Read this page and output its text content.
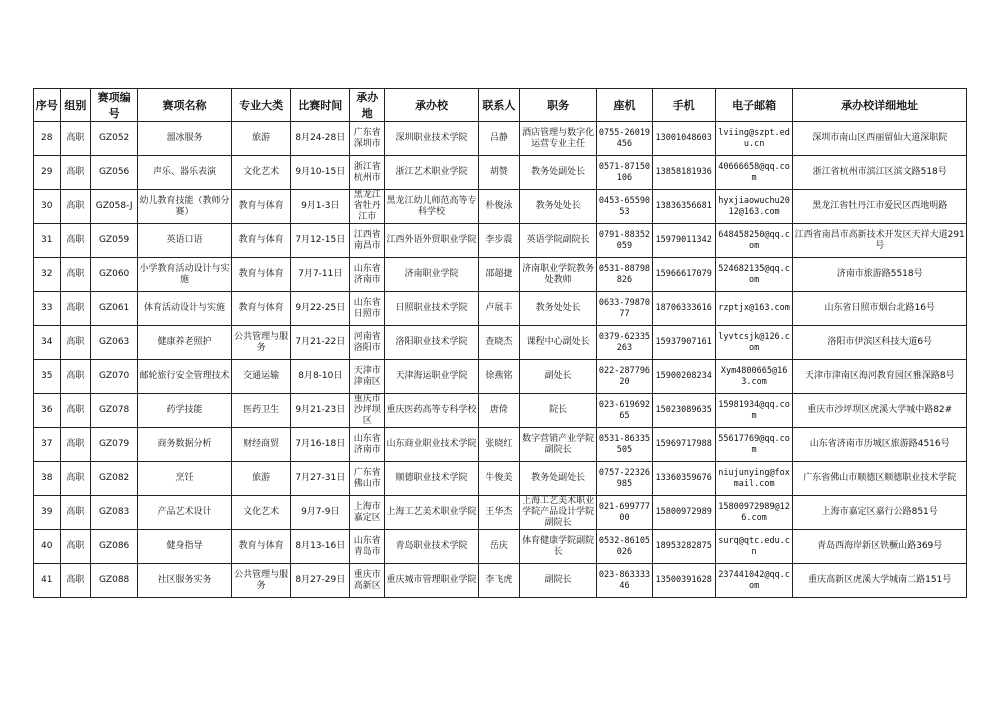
序号	组别	赛项编号	赛项名称	专业大类	比赛时间	承办地	承办校	联系人	职务	座机	手机	电子邮箱	承办校详细地址
28	高职	GZ052	溜冰服务	旅游	8月24-28日	广东省深圳市	深圳职业技术学院	吕静	酒店管理与数字化运营专业主任	0755-26019456	13001048603	lviing@szpt.edu.cn	深圳市南山区西丽留仙大道深职院
29	高职	GZ056	声乐、器乐表演	文化艺术	9月10-15日	浙江省杭州市	浙江艺术职业学院	胡赞	教务处副处长	0571-87150106	13858181936	40666658@qq.com	浙江省杭州市滨江区滨文路518号
30	高职	GZ058-J	幼儿教育技能（教师分赛）	教育与体育	9月1-3日	黑龙江省牡丹江市	黑龙江幼儿师范高等专科学校	朴俊泳	教务处处长	0453-6559053	13836356681	hyxjiaowuchu2012@163.com	黑龙江省牡丹江市爱民区西地明路
31	高职	GZ059	英语口语	教育与体育	7月12-15日	江西省南昌市	江西外语外贸职业学院	李步震	英语学院副院长	0791-88352059	15979011342	648458250@qq.com	江西省南昌市高新技术开发区天祥大道291号
32	高职	GZ060	小学教育活动设计与实施	教育与体育	7月7-11日	山东省济南市	济南职业学院	邵超捷	济南职业学院教务处教师	0531-88798826	15966617079	524682135@qq.com	济南市旅游路5518号
33	高职	GZ061	体育活动设计与实施	教育与体育	9月22-25日	山东省日照市	日照职业技术学院	卢展丰	教务处处长	0633-7987077	18706333616	rzptjx@163.com	山东省日照市烟台北路16号
34	高职	GZ063	健康养老照护	公共管理与服务	7月21-22日	河南省洛阳市	洛阳职业技术学院	查晓杰	课程中心副处长	0379-62335263	15937907161	lyvtcsjk@126.com	洛阳市伊滨区科技大道6号
35	高职	GZ070	邮轮旅行安全管理技术	交通运输	8月8-10日	天津市津南区	天津海运职业学院	徐燕铭	副处长	022-28779620	15900208234	Xym4800665@163.com	天津市津南区海河教育园区雅深路8号
36	高职	GZ078	药学技能	医药卫生	9月21-23日	重庆市沙坪坝区	重庆医药高等专科学校	唐倚	院长	023-61969265	15023089635	15981934@qq.com	重庆市沙坪坝区虎溪大学城中路82#
37	高职	GZ079	商务数据分析	财经商贸	7月16-18日	山东省济南市	山东商业职业技术学院	张晓红	数字营销产业学院副院长	0531-86335505	15969717988	55617769@qq.com	山东省济南市历城区旅游路4516号
38	高职	GZ082	烹饪	旅游	7月27-31日	广东省佛山市	顺德职业技术学院	牛俊美	教务处副处长	0757-22326985	13360359676	niujunying@foxmail.com	广东省佛山市顺德区顺德职业技术学院
39	高职	GZ083	产品艺术设计	文化艺术	9月7-9日	上海市嘉定区	上海工艺美术职业学院	王华杰	上海工艺美术职业学院产品设计学院副院长	021-69977700	15800972989	15800972989@126.com	上海市嘉定区嘉行公路851号
40	高职	GZ086	健身指导	教育与体育	8月13-16日	山东省青岛市	青岛职业技术学院	岳庆	体育健康学院副院长	0532-86105026	18953282875	surq@qtc.edu.cn	青岛西海岸新区铁橛山路369号
41	高职	GZ088	社区服务实务	公共管理与服务	8月27-29日	重庆市高新区	重庆城市管理职业学院	李飞虎	副院长	023-86333346	13500391628	237441042@qq.com	重庆高新区虎溪大学城南二路151号
